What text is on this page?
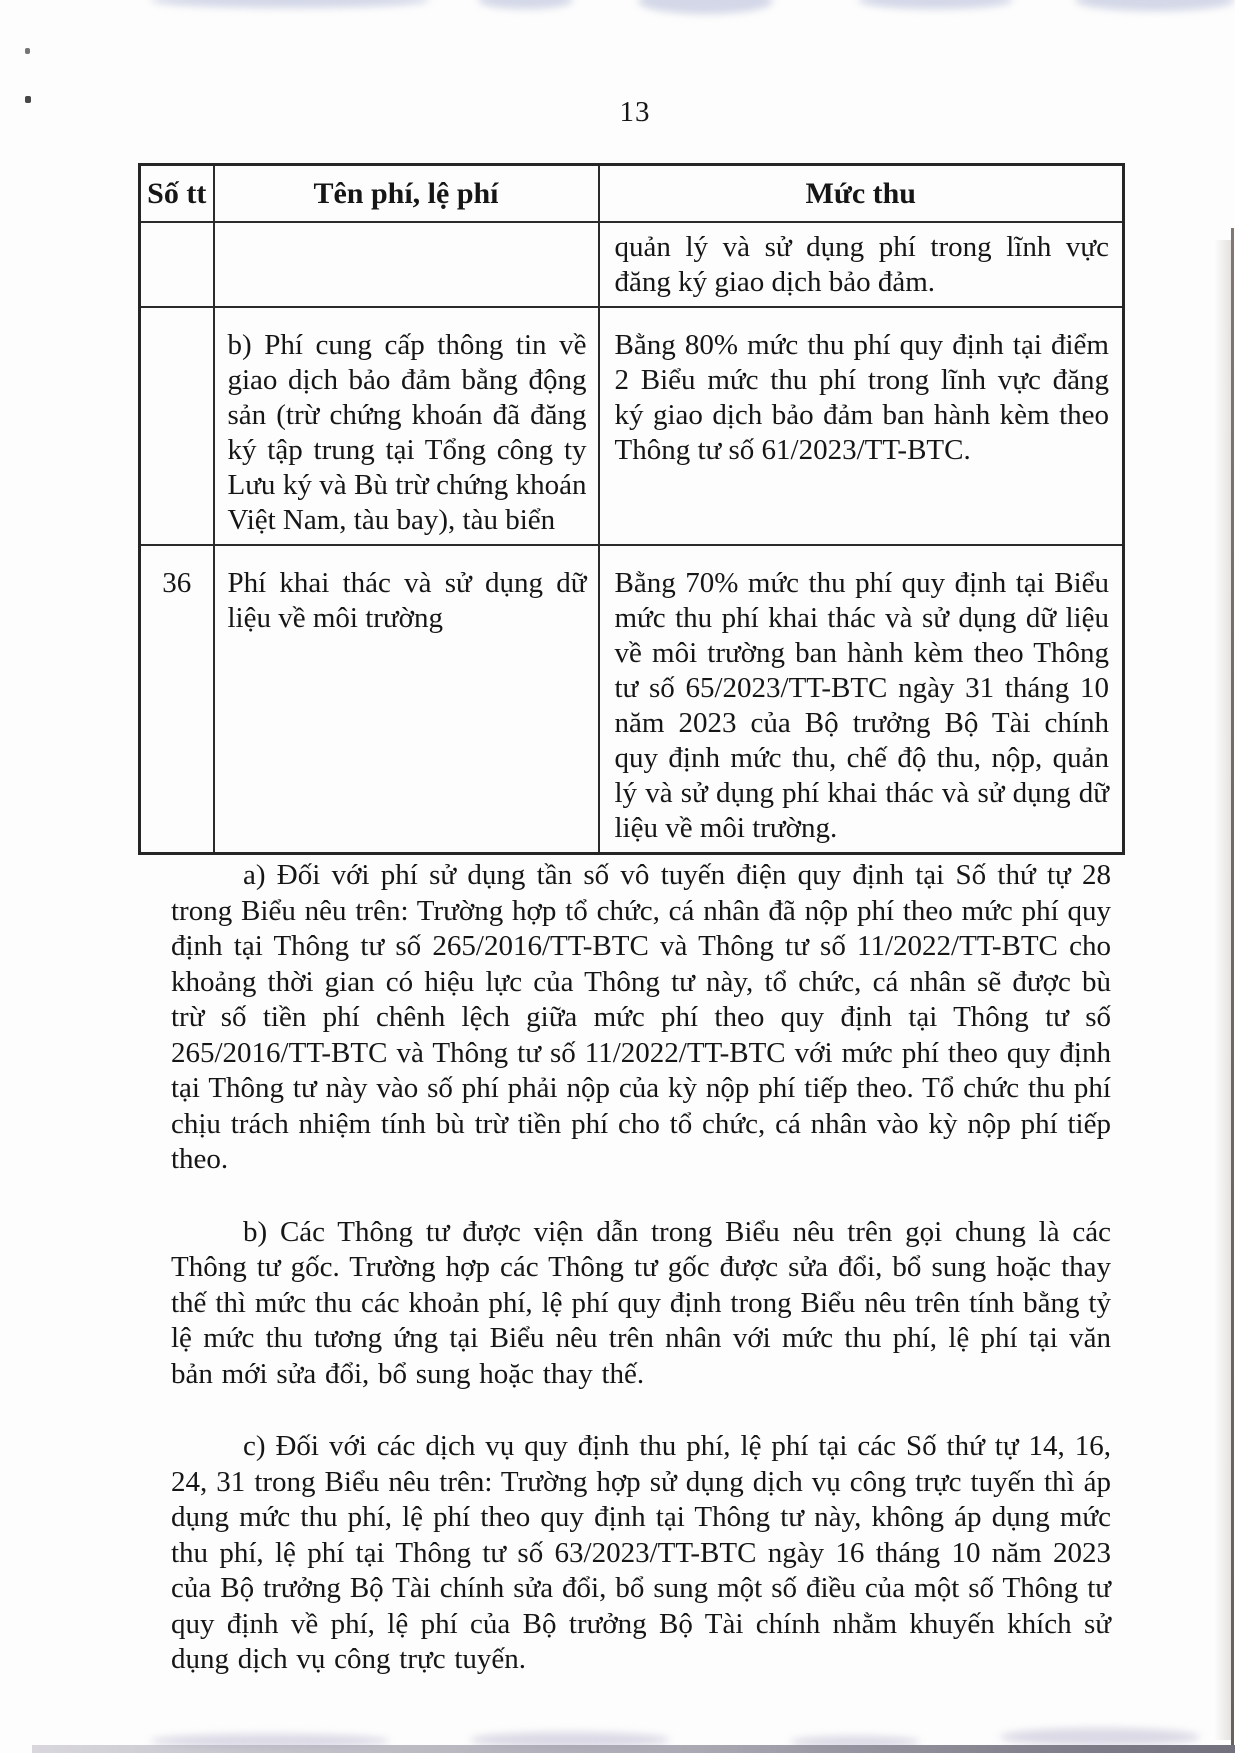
13
Số tt	Tên phí, lệ phí	Mức thu
		quản lý và sử dụng phí trong lĩnh vực đăng ký giao dịch bảo đảm.
	b) Phí cung cấp thông tin về giao dịch bảo đảm bằng động sản (trừ chứng khoán đã đăng ký tập trung tại Tổng công ty Lưu ký và Bù trừ chứng khoán Việt Nam, tàu bay), tàu biển	Bằng 80% mức thu phí quy định tại điểm 2 Biểu mức thu phí trong lĩnh vực đăng ký giao dịch bảo đảm ban hành kèm theo Thông tư số 61/2023/TT-BTC.
36	Phí khai thác và sử dụng dữ liệu về môi trường	Bằng 70% mức thu phí quy định tại Biểu mức thu phí khai thác và sử dụng dữ liệu về môi trường ban hành kèm theo Thông tư số 65/2023/TT-BTC ngày 31 tháng 10 năm 2023 của Bộ trưởng Bộ Tài chính quy định mức thu, chế độ thu, nộp, quản lý và sử dụng phí khai thác và sử dụng dữ liệu về môi trường.

a) Đối với phí sử dụng tần số vô tuyến điện quy định tại Số thứ tự 28 trong Biểu nêu trên: Trường hợp tổ chức, cá nhân đã nộp phí theo mức phí quy định tại Thông tư số 265/2016/TT-BTC và Thông tư số 11/2022/TT-BTC cho khoảng thời gian có hiệu lực của Thông tư này, tổ chức, cá nhân sẽ được bù trừ số tiền phí chênh lệch giữa mức phí theo quy định tại Thông tư số 265/2016/TT-BTC và Thông tư số 11/2022/TT-BTC với mức phí theo quy định tại Thông tư này vào số phí phải nộp của kỳ nộp phí tiếp theo. Tổ chức thu phí chịu trách nhiệm tính bù trừ tiền phí cho tổ chức, cá nhân vào kỳ nộp phí tiếp theo.

b) Các Thông tư được viện dẫn trong Biểu nêu trên gọi chung là các Thông tư gốc. Trường hợp các Thông tư gốc được sửa đổi, bổ sung hoặc thay thế thì mức thu các khoản phí, lệ phí quy định trong Biểu nêu trên tính bằng tỷ lệ mức thu tương ứng tại Biểu nêu trên nhân với mức thu phí, lệ phí tại văn bản mới sửa đổi, bổ sung hoặc thay thế.

c) Đối với các dịch vụ quy định thu phí, lệ phí tại các Số thứ tự 14, 16, 24, 31 trong Biểu nêu trên: Trường hợp sử dụng dịch vụ công trực tuyến thì áp dụng mức thu phí, lệ phí theo quy định tại Thông tư này, không áp dụng mức thu phí, lệ phí tại Thông tư số 63/2023/TT-BTC ngày 16 tháng 10 năm 2023 của Bộ trưởng Bộ Tài chính sửa đổi, bổ sung một số điều của một số Thông tư quy định về phí, lệ phí của Bộ trưởng Bộ Tài chính nhằm khuyến khích sử dụng dịch vụ công trực tuyến.
